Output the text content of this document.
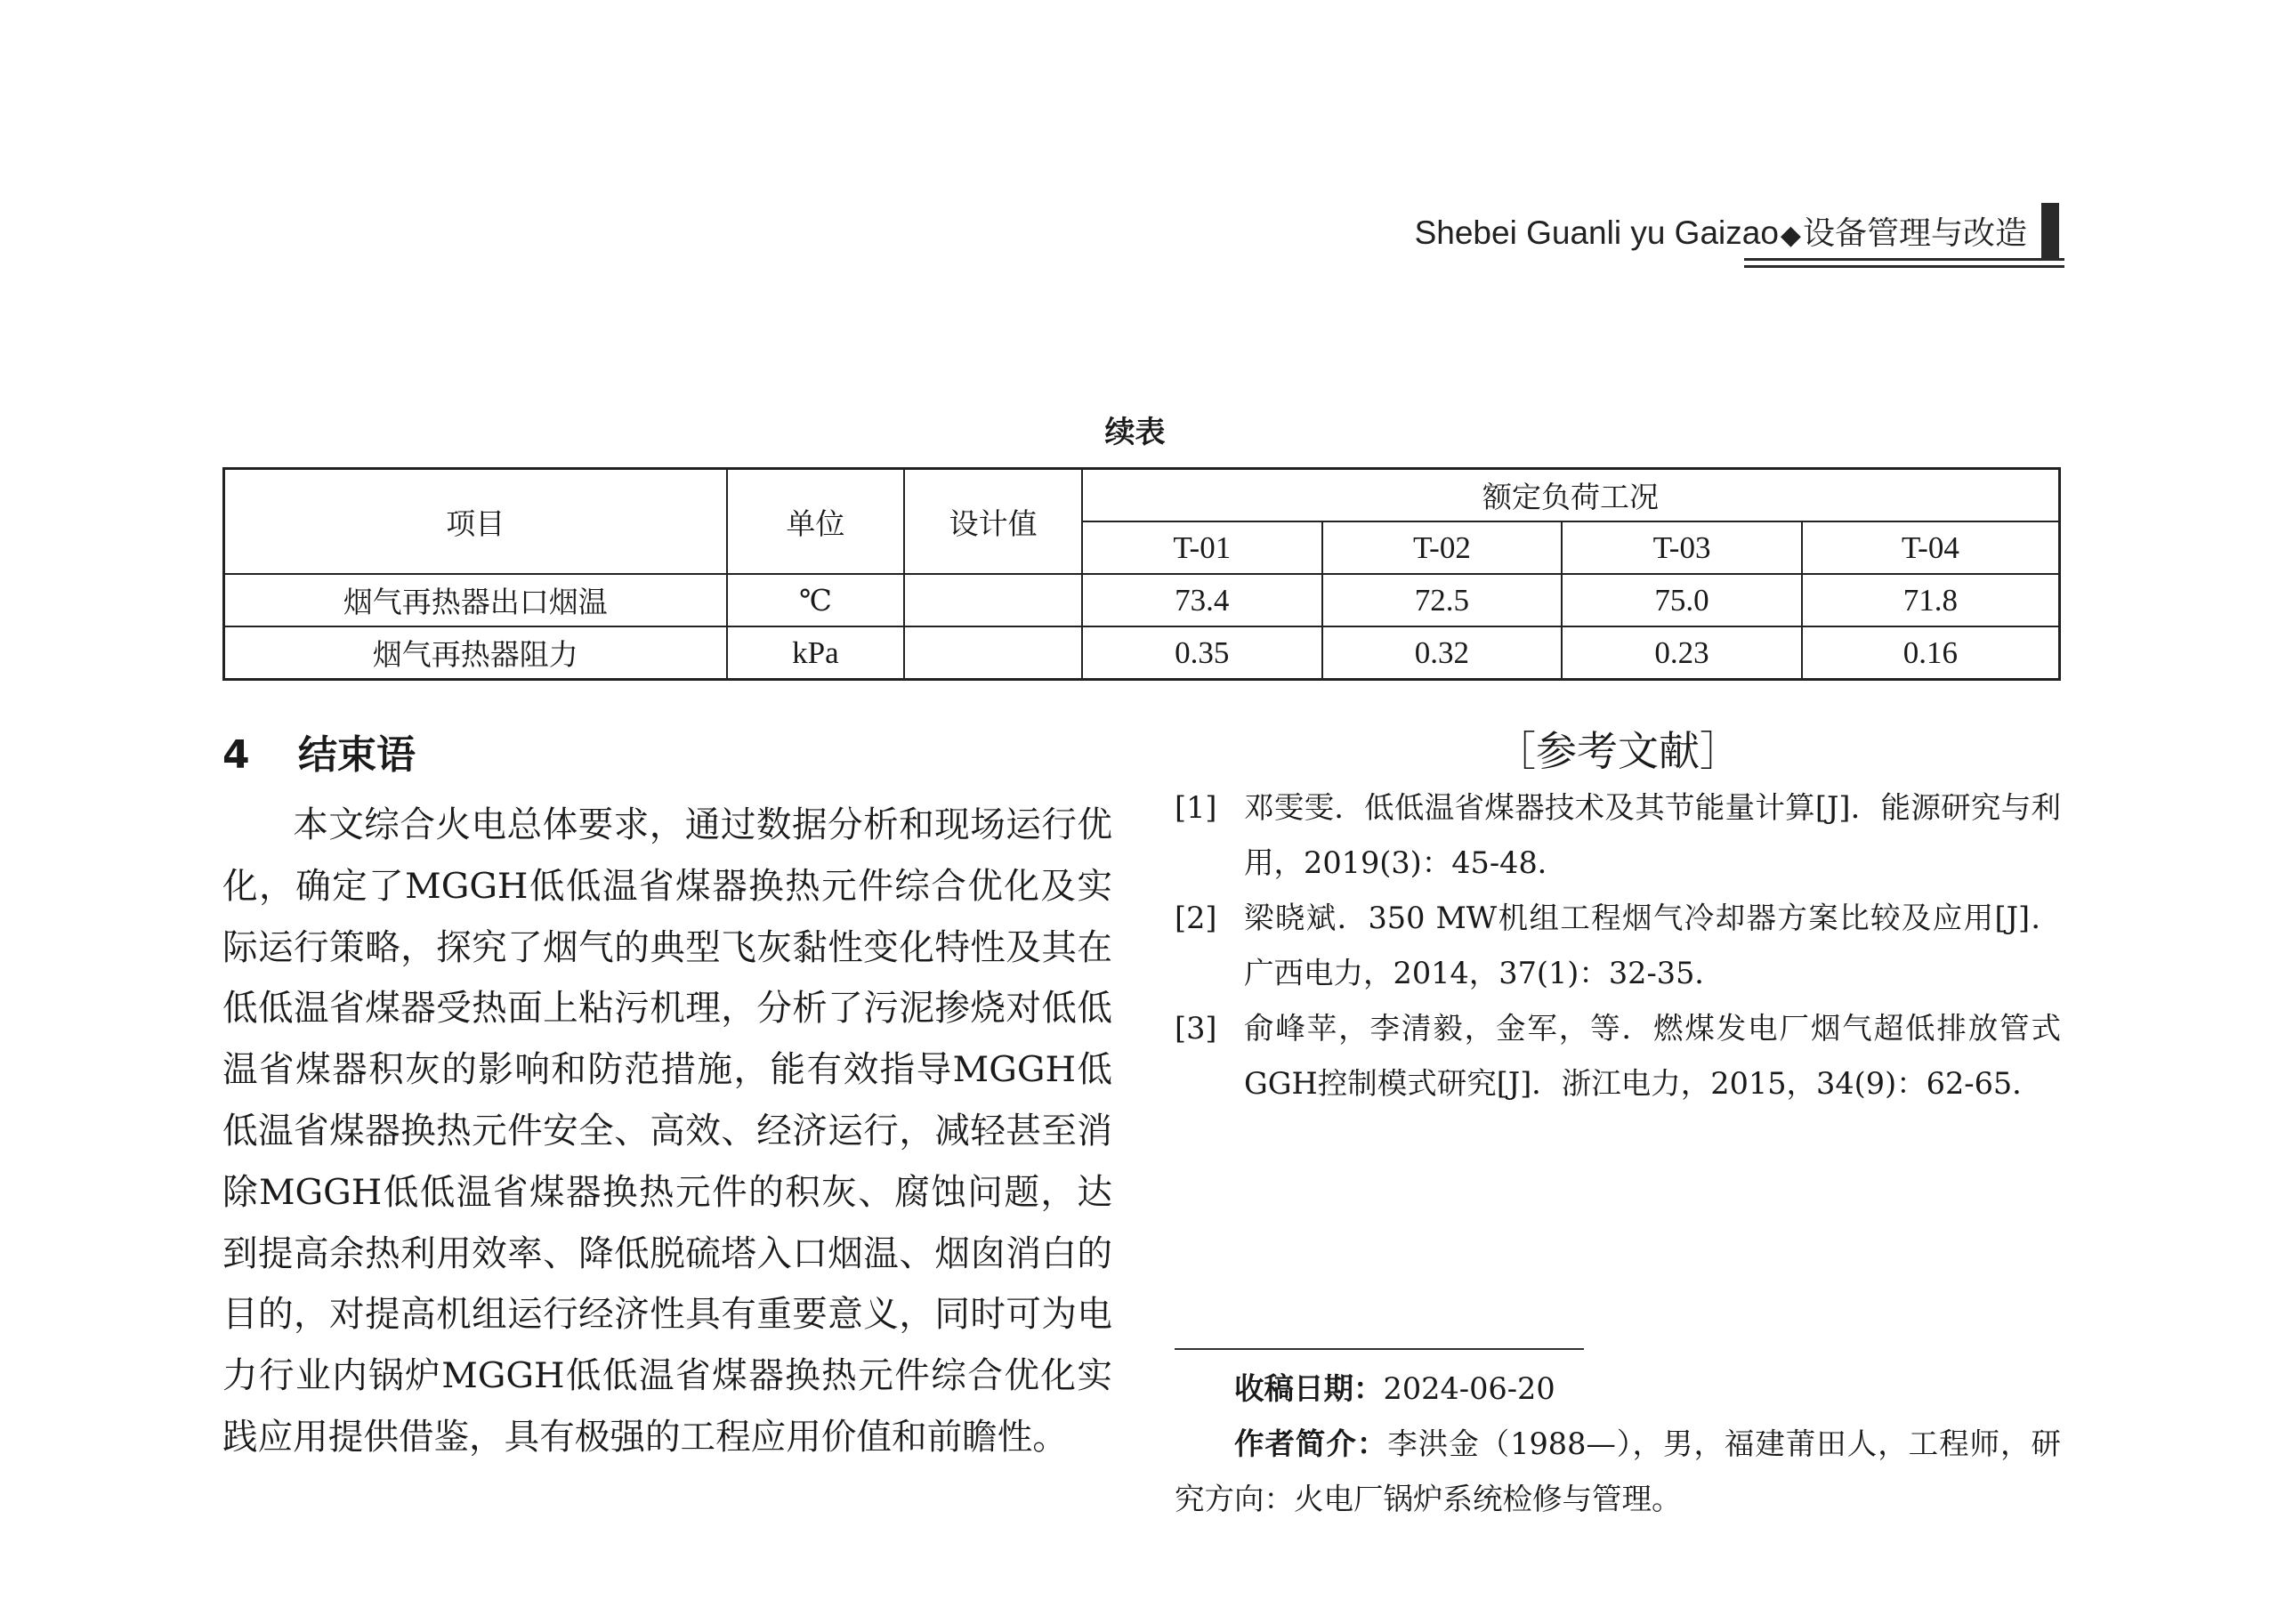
Shebei Guanli yu Gaizao◆设备管理与改造
续表
项目	单位	设计值	额定负荷工况			
			T-01	T-02	T-03	T-04
烟气再热器出口烟温	℃		73.4	72.5	75.0	71.8
烟气再热器阻力	kPa		0.35	0.32	0.23	0.16
4 结束语

本文综合火电总体要求，通过数据分析和现场运行优化，确定了MGGH低低温省煤器换热元件综合优化及实际运行策略，探究了烟气的典型飞灰黏性变化特性及其在低低温省煤器受热面上粘污机理，分析了污泥掺烧对低低温省煤器积灰的影响和防范措施，能有效指导MGGH低低温省煤器换热元件安全、高效、经济运行，减轻甚至消除MGGH低低温省煤器换热元件的积灰、腐蚀问题，达到提高余热利用效率、降低脱硫塔入口烟温、烟囱消白的目的，对提高机组运行经济性具有重要意义，同时可为电力行业内锅炉MGGH低低温省煤器换热元件综合优化实践应用提供借鉴，具有极强的工程应用价值和前瞻性。

［参考文献］
[1] 邓雯雯．低低温省煤器技术及其节能量计算[J]．能源研究与利用，2019(3)：45-48．
[2] 梁晓斌．350 MW机组工程烟气冷却器方案比较及应用[J]．广西电力，2014，37(1)：32-35．
[3] 俞峰苹，李清毅，金军，等．燃煤发电厂烟气超低排放管式GGH控制模式研究[J]．浙江电力，2015，34(9)：62-65．

收稿日期：2024-06-20

作者简介：李洪金（1988—），男，福建莆田人，工程师，研究方向：火电厂锅炉系统检修与管理。
